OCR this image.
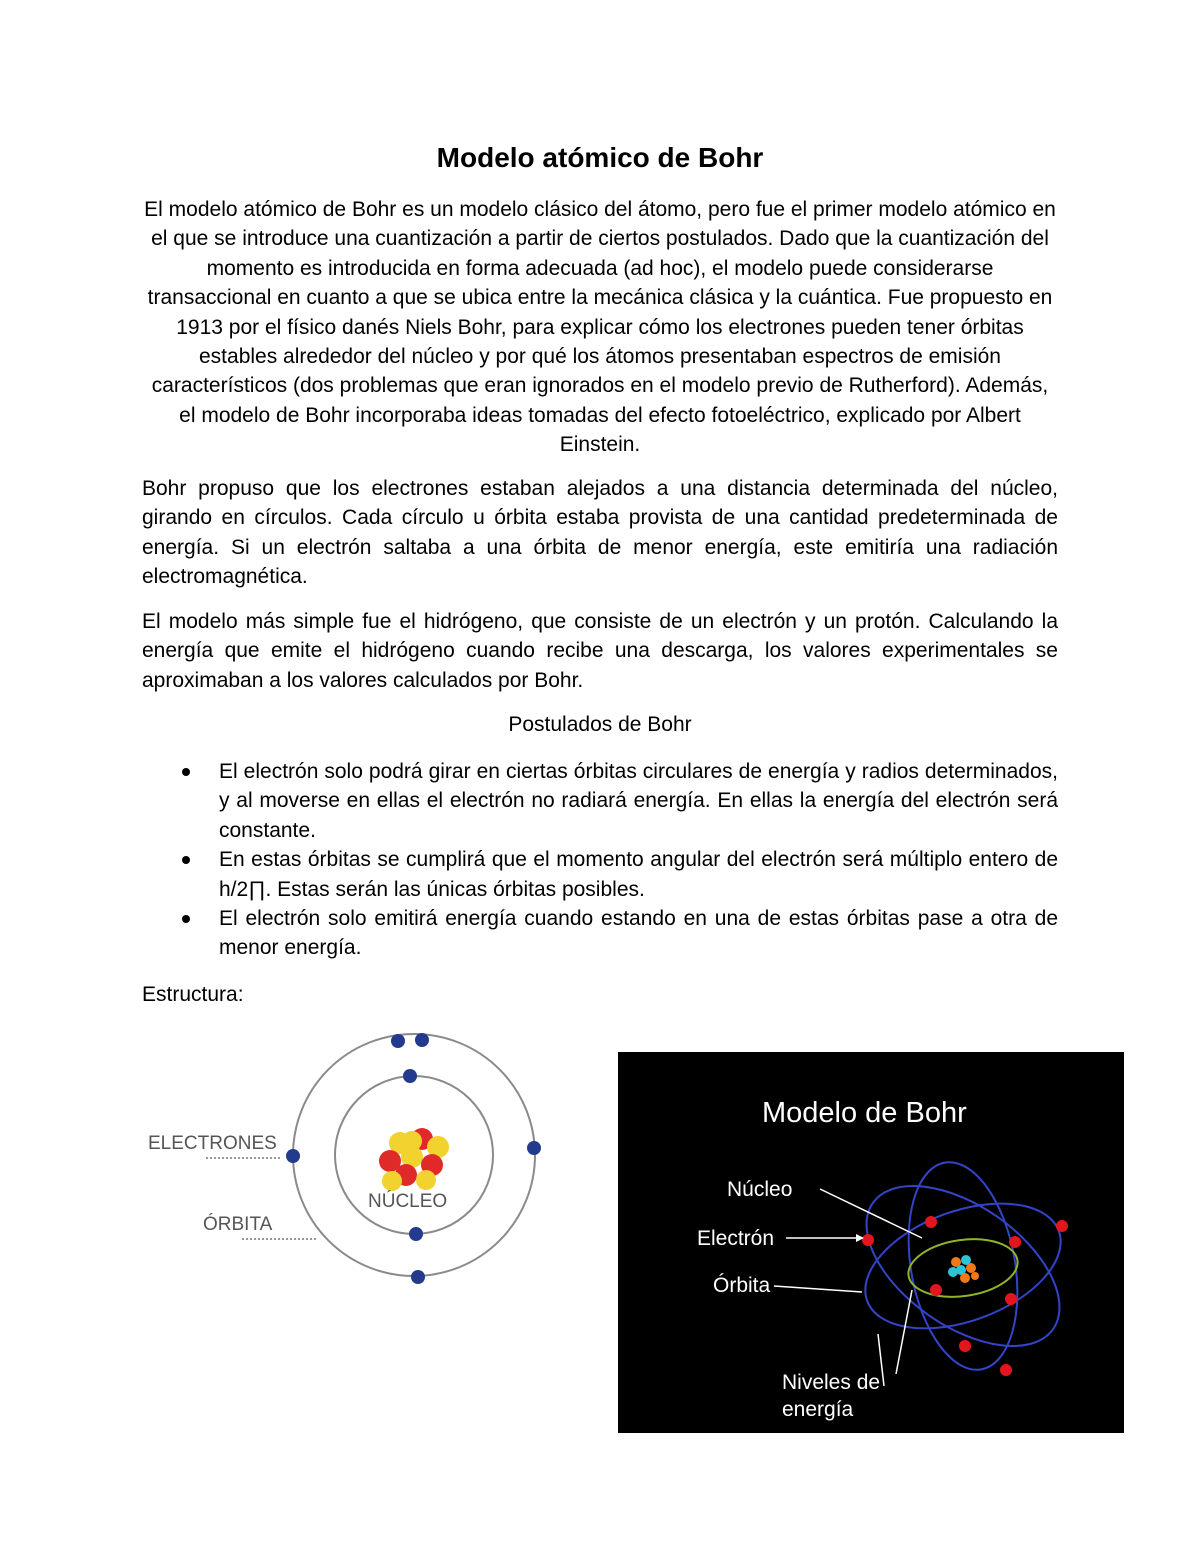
Modelo atómico de Bohr

El modelo atómico de Bohr es un modelo clásico del átomo, pero fue el primer modelo atómico en el que se introduce una cuantización a partir de ciertos postulados. Dado que la cuantización del momento es introducida en forma adecuada (ad hoc), el modelo puede considerarse transaccional en cuanto a que se ubica entre la mecánica clásica y la cuántica. Fue propuesto en 1913 por el físico danés Niels Bohr, para explicar cómo los electrones pueden tener órbitas estables alrededor del núcleo y por qué los átomos presentaban espectros de emisión característicos (dos problemas que eran ignorados en el modelo previo de Rutherford). Además, el modelo de Bohr incorporaba ideas tomadas del efecto fotoeléctrico, explicado por Albert Einstein.

Bohr propuso que los electrones estaban alejados a una distancia determinada del núcleo, girando en círculos. Cada círculo u órbita estaba provista de una cantidad predeterminada de energía. Si un electrón saltaba a una órbita de menor energía, este emitiría una radiación electromagnética.

El modelo más simple fue el hidrógeno, que consiste de un electrón y un protón. Calculando la energía que emite el hidrógeno cuando recibe una descarga, los valores experimentales se aproximaban a los valores calculados por Bohr.

Postulados de Bohr

El electrón solo podrá girar en ciertas órbitas circulares de energía y radios determinados, y al moverse en ellas el electrón no radiará energía. En ellas la energía del electrón será constante.
En estas órbitas se cumplirá que el momento angular del electrón será múltiplo entero de h/2∏. Estas serán las únicas órbitas posibles.
El electrón solo emitirá energía cuando estando en una de estas órbitas pase a otra de menor energía.

Estructura:

ELECTRONES
ÓRBITA
NÚCLEO
Modelo de Bohr
Núcleo
Electrón
Órbita
Niveles de
energía
